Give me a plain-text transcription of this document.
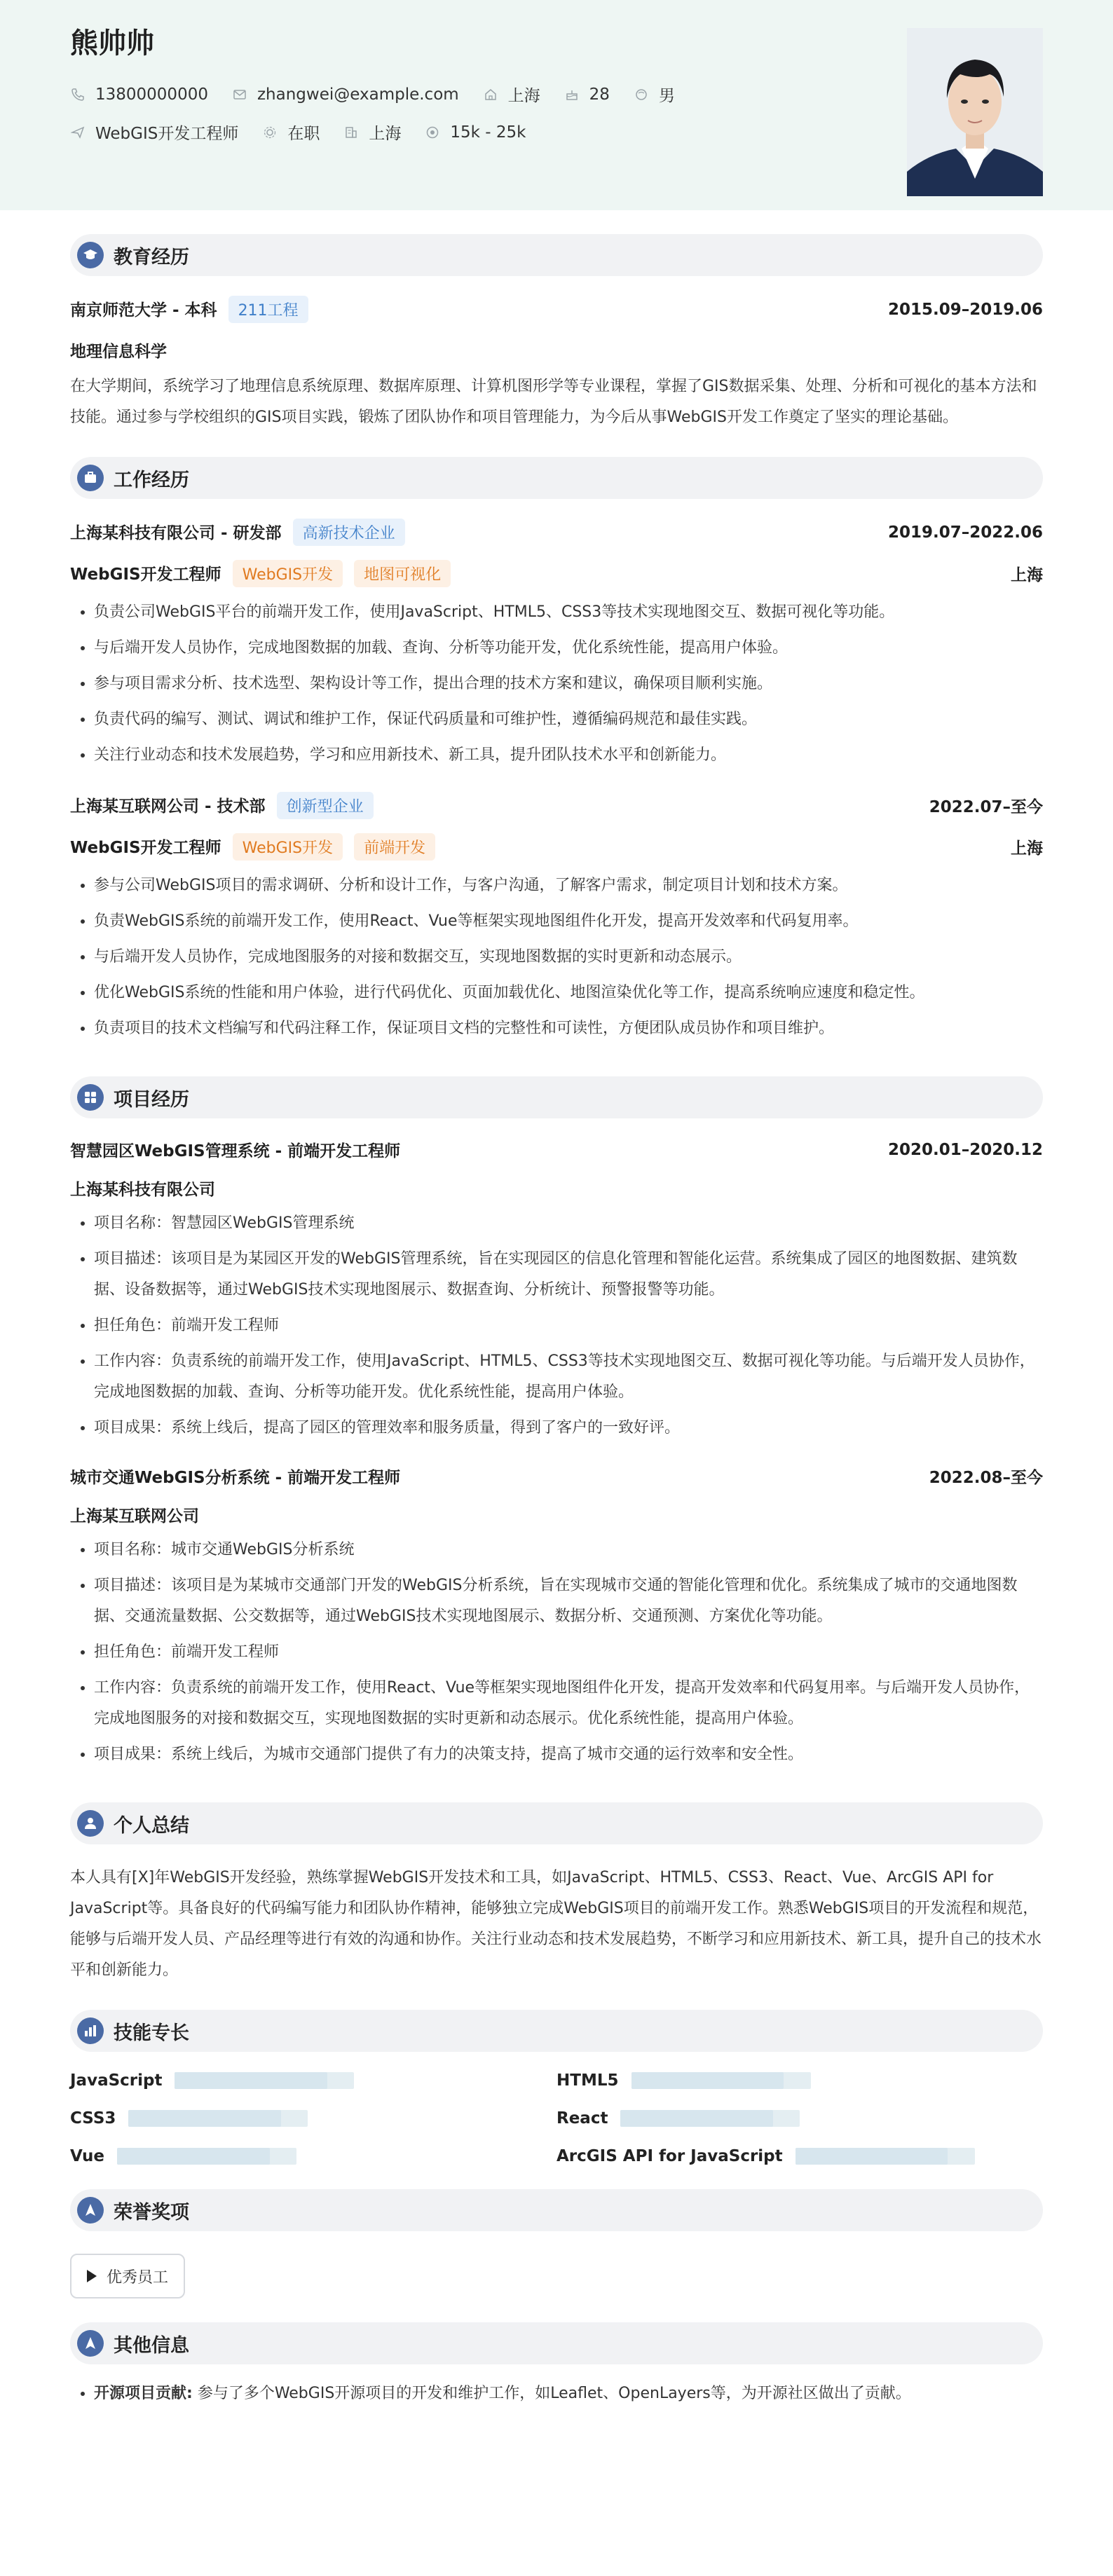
熊帅帅
13800000000	zhangwei@example.com	上海	28	男
WebGIS开发工程师	在职	上海	15k - 25k
教育经历
南京师范大学 - 本科 211工程	2015.09–2019.06
地理信息科学
在大学期间，系统学习了地理信息系统原理、数据库原理、计算机图形学等专业课程，掌握了GIS数据采集、处理、分析和可视化的基本方法和技能。通过参与学校组织的GIS项目实践，锻炼了团队协作和项目管理能力，为今后从事WebGIS开发工作奠定了坚实的理论基础。
工作经历
上海某科技有限公司 - 研发部 高新技术企业	2019.07–2022.06
WebGIS开发工程师 WebGIS开发 地图可视化	上海
• 负责公司WebGIS平台的前端开发工作，使用JavaScript、HTML5、CSS3等技术实现地图交互、数据可视化等功能。
• 与后端开发人员协作，完成地图数据的加载、查询、分析等功能开发，优化系统性能，提高用户体验。
• 参与项目需求分析、技术选型、架构设计等工作，提出合理的技术方案和建议，确保项目顺利实施。
• 负责代码的编写、测试、调试和维护工作，保证代码质量和可维护性，遵循编码规范和最佳实践。
• 关注行业动态和技术发展趋势，学习和应用新技术、新工具，提升团队技术水平和创新能力。
上海某互联网公司 - 技术部 创新型企业	2022.07–至今
WebGIS开发工程师 WebGIS开发 前端开发	上海
• 参与公司WebGIS项目的需求调研、分析和设计工作，与客户沟通，了解客户需求，制定项目计划和技术方案。
• 负责WebGIS系统的前端开发工作，使用React、Vue等框架实现地图组件化开发，提高开发效率和代码复用率。
• 与后端开发人员协作，完成地图服务的对接和数据交互，实现地图数据的实时更新和动态展示。
• 优化WebGIS系统的性能和用户体验，进行代码优化、页面加载优化、地图渲染优化等工作，提高系统响应速度和稳定性。
• 负责项目的技术文档编写和代码注释工作，保证项目文档的完整性和可读性，方便团队成员协作和项目维护。
项目经历
智慧园区WebGIS管理系统 - 前端开发工程师	2020.01–2020.12
上海某科技有限公司
• 项目名称：智慧园区WebGIS管理系统
• 项目描述：该项目是为某园区开发的WebGIS管理系统，旨在实现园区的信息化管理和智能化运营。系统集成了园区的地图数据、建筑数据、设备数据等，通过WebGIS技术实现地图展示、数据查询、分析统计、预警报警等功能。
• 担任角色：前端开发工程师
• 工作内容：负责系统的前端开发工作，使用JavaScript、HTML5、CSS3等技术实现地图交互、数据可视化等功能。与后端开发人员协作，完成地图数据的加载、查询、分析等功能开发。优化系统性能，提高用户体验。
• 项目成果：系统上线后，提高了园区的管理效率和服务质量，得到了客户的一致好评。
城市交通WebGIS分析系统 - 前端开发工程师	2022.08–至今
上海某互联网公司
• 项目名称：城市交通WebGIS分析系统
• 项目描述：该项目是为某城市交通部门开发的WebGIS分析系统，旨在实现城市交通的智能化管理和优化。系统集成了城市的交通地图数据、交通流量数据、公交数据等，通过WebGIS技术实现地图展示、数据分析、交通预测、方案优化等功能。
• 担任角色：前端开发工程师
• 工作内容：负责系统的前端开发工作，使用React、Vue等框架实现地图组件化开发，提高开发效率和代码复用率。与后端开发人员协作，完成地图服务的对接和数据交互，实现地图数据的实时更新和动态展示。优化系统性能，提高用户体验。
• 项目成果：系统上线后，为城市交通部门提供了有力的决策支持，提高了城市交通的运行效率和安全性。
个人总结
本人具有[X]年WebGIS开发经验，熟练掌握WebGIS开发技术和工具，如JavaScript、HTML5、CSS3、React、Vue、ArcGIS API for JavaScript等。具备良好的代码编写能力和团队协作精神，能够独立完成WebGIS项目的前端开发工作。熟悉WebGIS项目的开发流程和规范，能够与后端开发人员、产品经理等进行有效的沟通和协作。关注行业动态和技术发展趋势，不断学习和应用新技术、新工具，提升自己的技术水平和创新能力。
技能专长
JavaScript	HTML5
CSS3	React
Vue	ArcGIS API for JavaScript
荣誉奖项
优秀员工
其他信息
• 开源项目贡献: 参与了多个WebGIS开源项目的开发和维护工作，如Leaflet、OpenLayers等，为开源社区做出了贡献。
